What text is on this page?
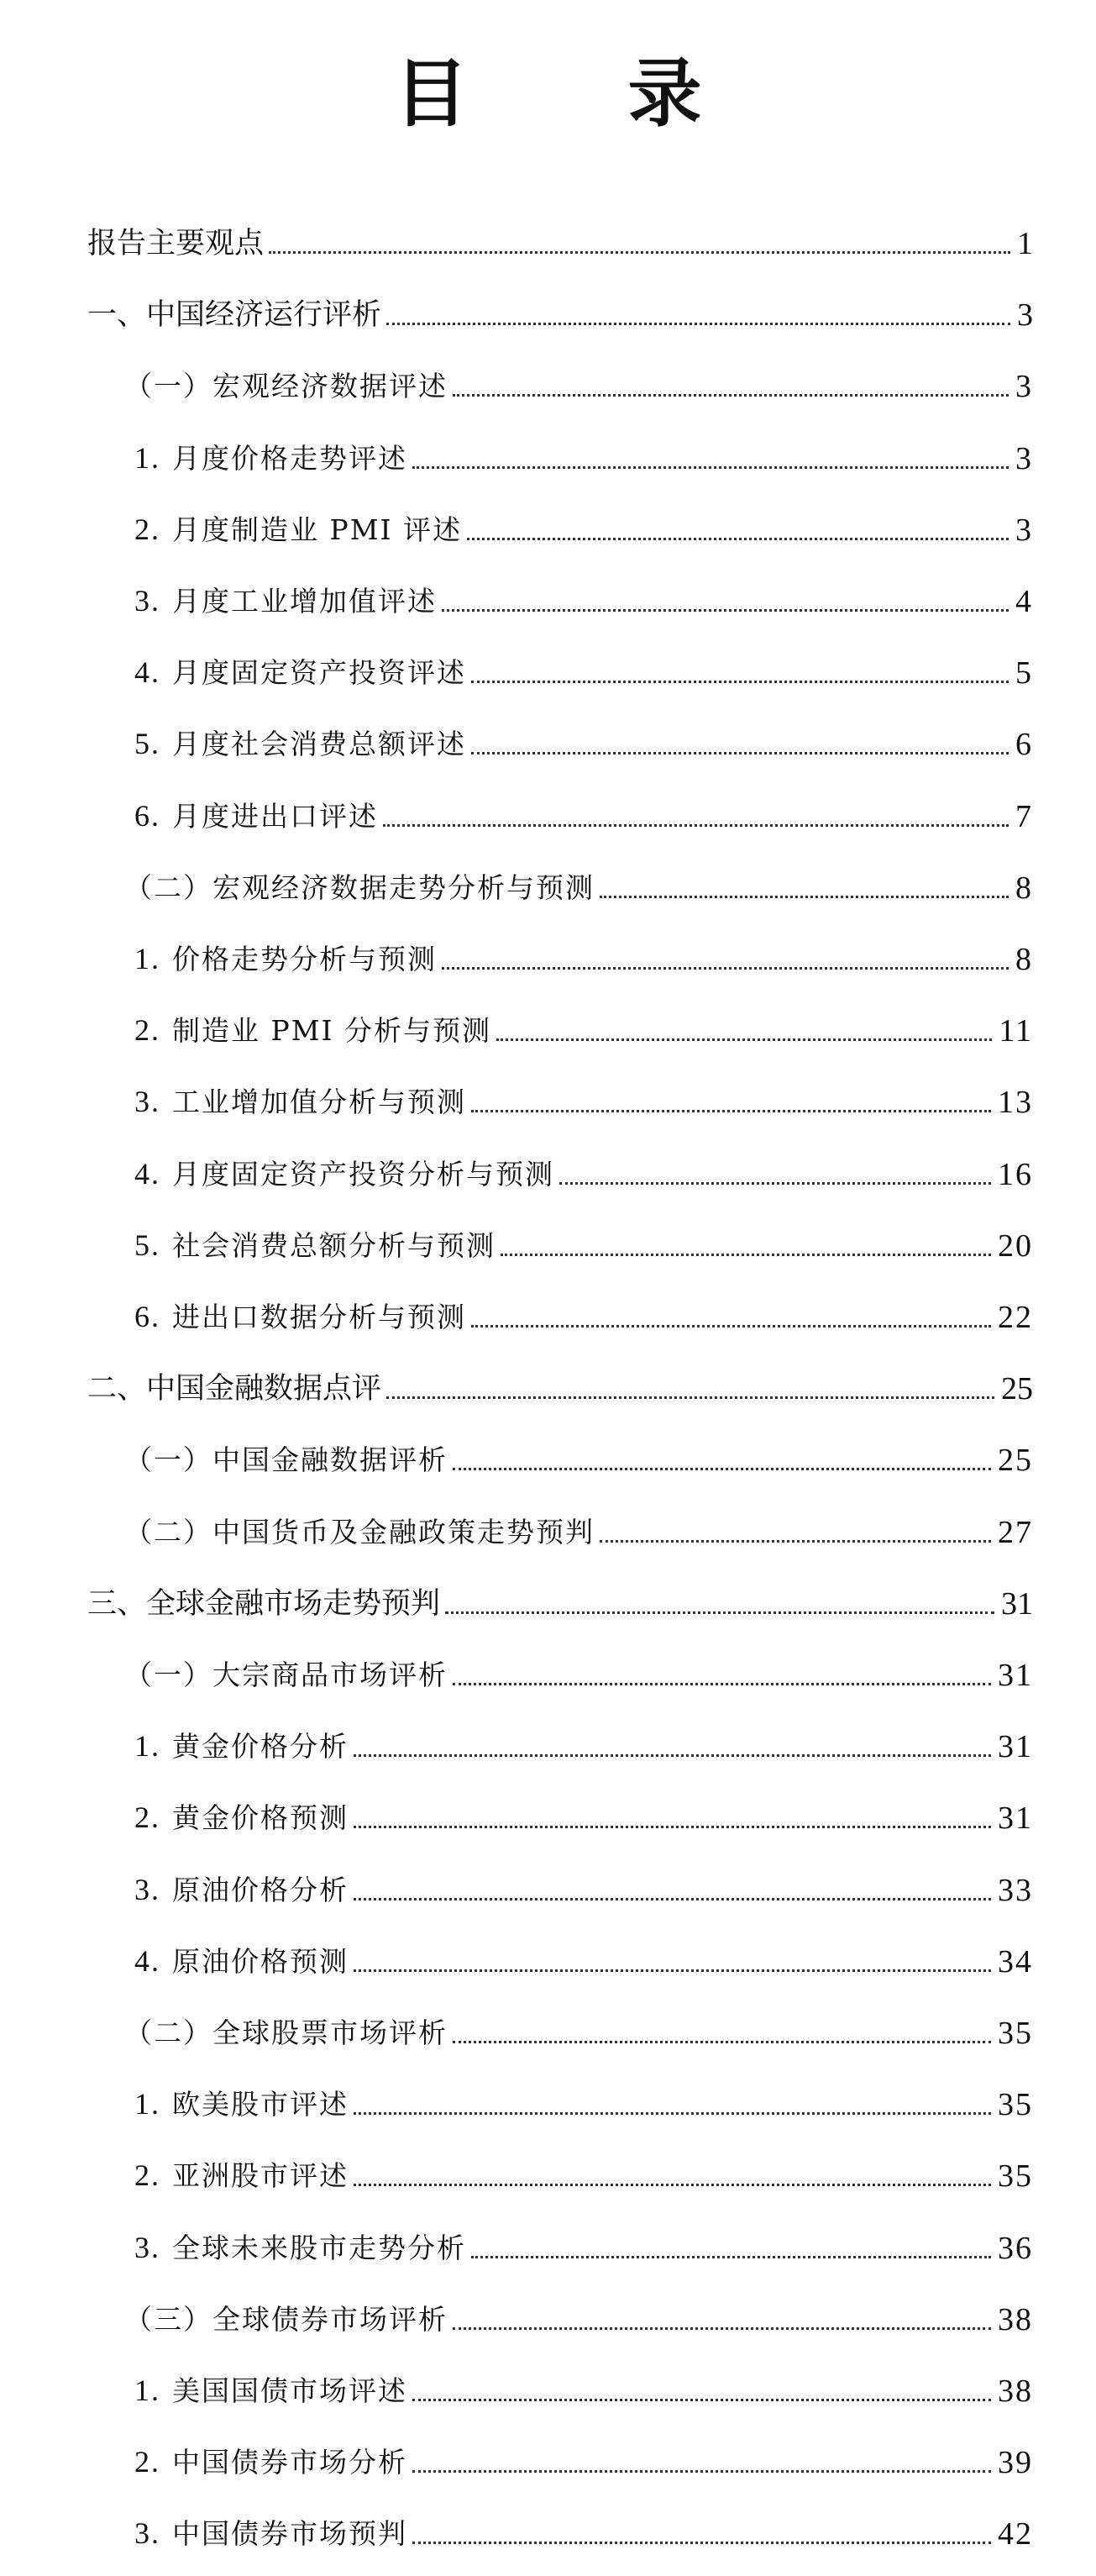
目 录
报告主要观点	1
一、中国经济运行评析	3
（一）宏观经济数据评述	3
1. 月度价格走势评述	3
2. 月度制造业 PMI 评述	3
3. 月度工业增加值评述	4
4. 月度固定资产投资评述	5
5. 月度社会消费总额评述	6
6. 月度进出口评述	7
（二）宏观经济数据走势分析与预测	8
1. 价格走势分析与预测	8
2. 制造业 PMI 分析与预测	11
3. 工业增加值分析与预测	13
4. 月度固定资产投资分析与预测	16
5. 社会消费总额分析与预测	20
6. 进出口数据分析与预测	22
二、中国金融数据点评	25
（一）中国金融数据评析	25
（二）中国货币及金融政策走势预判	27
三、全球金融市场走势预判	31
（一）大宗商品市场评析	31
1. 黄金价格分析	31
2. 黄金价格预测	31
3. 原油价格分析	33
4. 原油价格预测	34
（二）全球股票市场评析	35
1. 欧美股市评述	35
2. 亚洲股市评述	35
3. 全球未来股市走势分析	36
（三）全球债券市场评析	38
1. 美国国债市场评述	38
2. 中国债券市场分析	39
3. 中国债券市场预判	42
